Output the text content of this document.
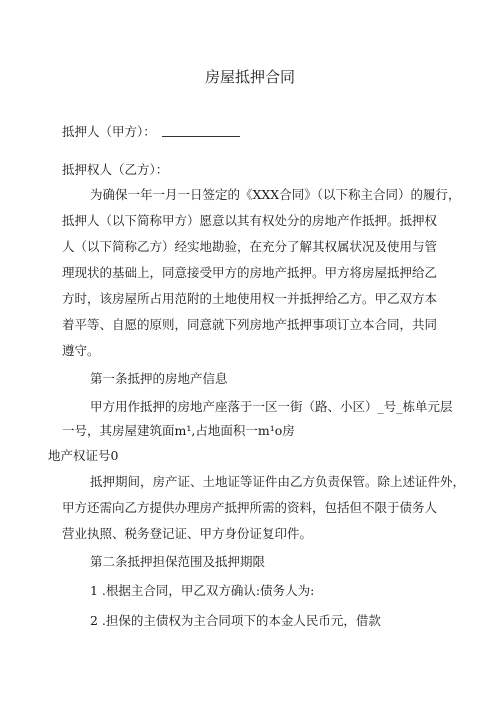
房屋抵押合同
抵押人（甲方）：
抵押权人（乙方）：
为确保一年一月一日签定的《XXX合同》（以下称主合同）的履行，
抵押人（以下简称甲方）愿意以其有权处分的房地产作抵押。抵押权
人（以下简称乙方）经实地勘验，在充分了解其权属状况及使用与管
理现状的基础上，同意接受甲方的房地产抵押。甲方将房屋抵押给乙
方时，该房屋所占用范附的土地使用权一并抵押给乙方。甲乙双方本
着平等、自愿的原则，同意就下列房地产抵押事项订立本合同，共同
遵守。
第一条抵押的房地产信息
甲方用作抵押的房地产座落于一区一街（路、小区）_号_栋单元层
一号，其房屋建筑面m¹,占地面积一m¹o房
地产权证号0
抵押期间，房产证、土地证等证件由乙方负责保管。除上述证件外，
甲方还需向乙方提供办理房产抵押所需的资料，包括但不限于债务人
营业执照、税务登记证、甲方身份证复印件。
第二条抵押担保范围及抵押期限
1 .根据主合同，甲乙双方确认:债务人为:
2 .担保的主债权为主合同项下的本金人民币元，借款
